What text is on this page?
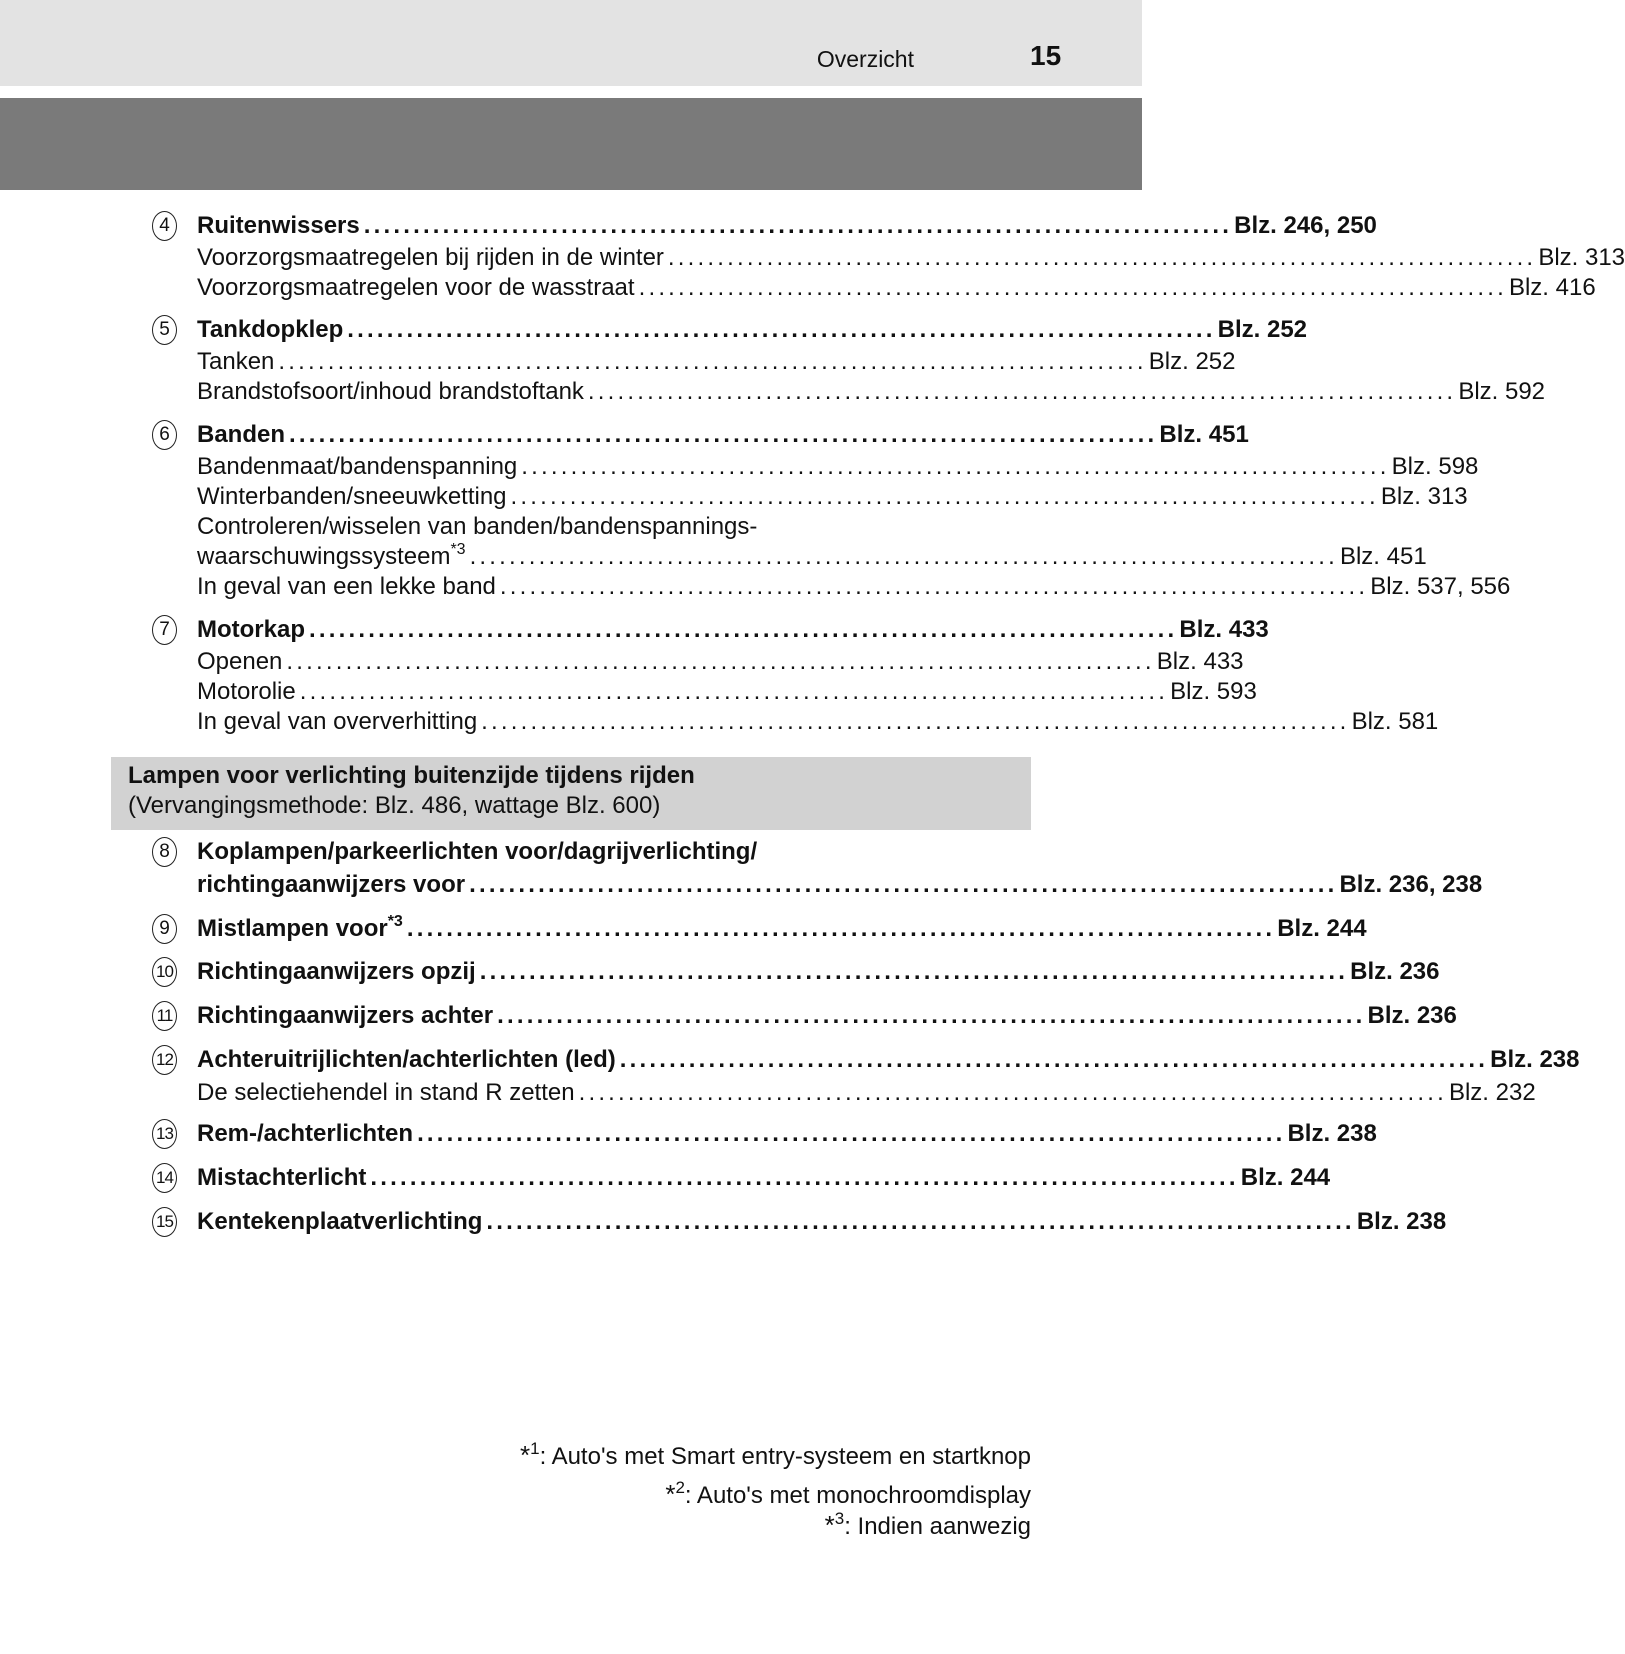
Overzicht	15
4	Ruitenwissers ........................................................................................ Blz. 246, 250
Voorzorgsmaatregelen bij rijden in de winter ........................................................................................ Blz. 313
Voorzorgsmaatregelen voor de wasstraat ........................................................................................ Blz. 416
5	Tankdopklep ........................................................................................ Blz. 252
Tanken ........................................................................................ Blz. 252
Brandstofsoort/inhoud brandstoftank ........................................................................................ Blz. 592
6	Banden ........................................................................................ Blz. 451
Bandenmaat/bandenspanning ........................................................................................ Blz. 598
Winterbanden/sneeuwketting ........................................................................................ Blz. 313
Controleren/wisselen van banden/bandenspannings-
waarschuwingssysteem$^{*3}$ ........................................................................................ Blz. 451
In geval van een lekke band ........................................................................................ Blz. 537, 556
7	Motorkap ........................................................................................ Blz. 433
Openen ........................................................................................ Blz. 433
Motorolie ........................................................................................ Blz. 593
In geval van oververhitting ........................................................................................ Blz. 581
Lampen voor verlichting buitenzijde tijdens rijden
(Vervangingsmethode: Blz. 486, wattage Blz. 600)
8	Koplampen/parkeerlichten voor/dagrijverlichting/
richtingaanwijzers voor ........................................................................................ Blz. 236, 238
9	Mistlampen voor$^{*3}$ ........................................................................................ Blz. 244
10 Richtingaanwijzers opzij ........................................................................................ Blz. 236
11 Richtingaanwijzers achter ........................................................................................ Blz. 236
12 Achteruitrijlichten/achterlichten (led) ........................................................................................ Blz. 238
De selectiehendel in stand R zetten ........................................................................................ Blz. 232
13 Rem-/achterlichten ........................................................................................ Blz. 238
14 Mistachterlicht ........................................................................................ Blz. 244
15 Kentekenplaatverlichting ........................................................................................ Blz. 238
*$^1$: Auto's met Smart entry-systeem en startknop
*$^2$: Auto's met monochroomdisplay
*$^3$: Indien aanwezig
